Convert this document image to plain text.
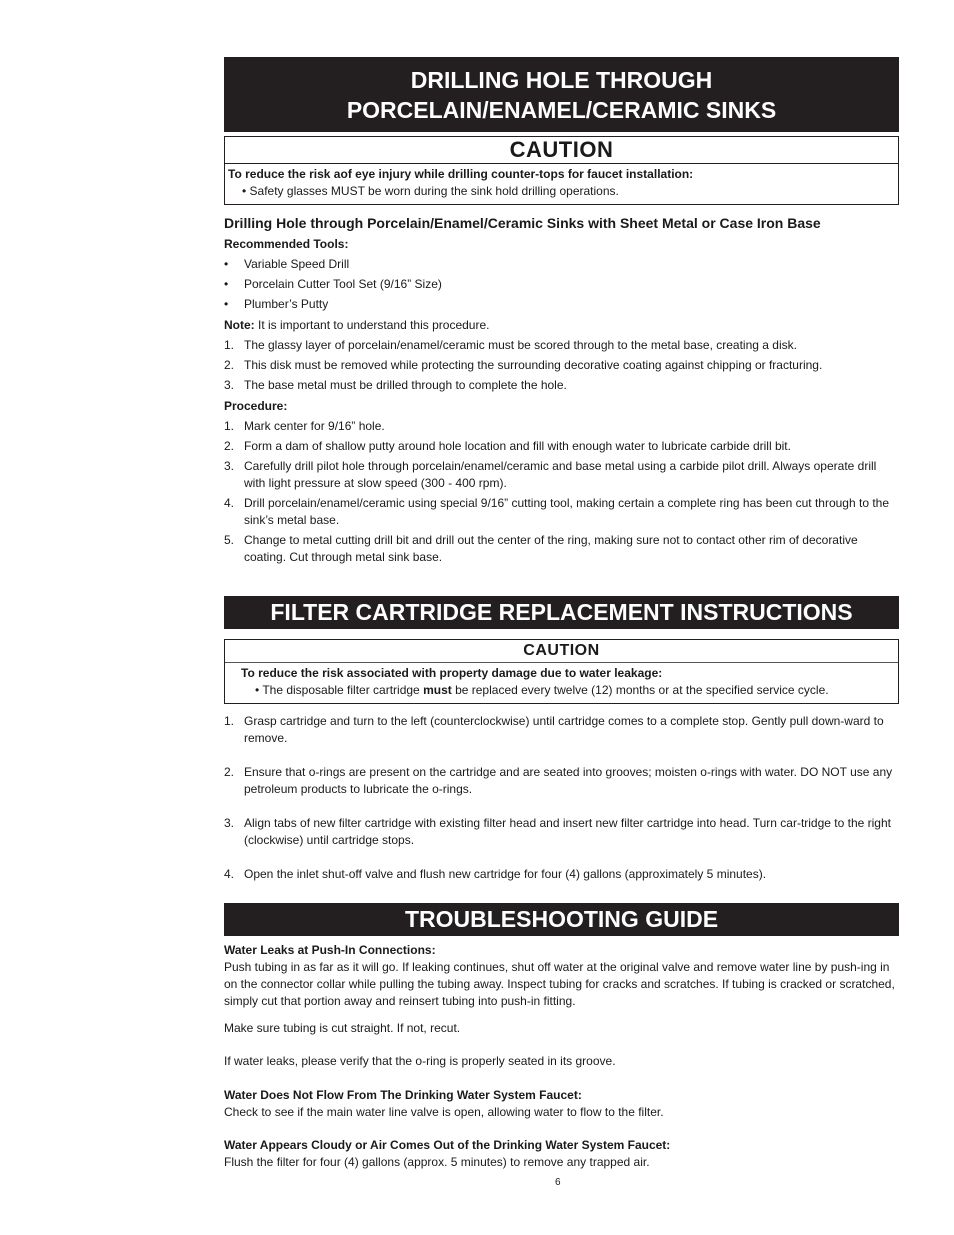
DRILLING HOLE THROUGH
PORCELAIN/ENAMEL/CERAMIC SINKS
CAUTION
To reduce the risk aof eye injury while drilling counter-tops for faucet installation:
• Safety glasses MUST be worn during the sink hold drilling operations.
Drilling Hole through Porcelain/Enamel/Ceramic Sinks with Sheet Metal or Case Iron Base
Recommended Tools:
•	Variable Speed Drill
•	Porcelain Cutter Tool Set (9/16” Size)
•	Plumber’s Putty
Note: It is important to understand this procedure.
1. The glassy layer of porcelain/enamel/ceramic must be scored through to the metal base, creating a disk.
2. This disk must be removed while protecting the surrounding decorative coating against chipping or fracturing.
3. The base metal must be drilled through to complete the hole.
Procedure:
1. Mark center for 9/16” hole.
2. Form a dam of shallow putty around hole location and fill with enough water to lubricate carbide drill bit.
3. Carefully drill pilot hole through porcelain/enamel/ceramic and base metal using a carbide pilot drill. Always operate drill with light pressure at slow speed (300 - 400 rpm).
4. Drill porcelain/enamel/ceramic using special 9/16” cutting tool, making certain a complete ring has been cut through to the sink’s metal base.
5. Change to metal cutting drill bit and drill out the center of the ring, making sure not to contact other rim of decorative coating. Cut through metal sink base.
FILTER CARTRIDGE REPLACEMENT INSTRUCTIONS
CAUTION
To reduce the risk associated with property damage due to water leakage:
• The disposable filter cartridge must be replaced every twelve (12) months or at the specified service cycle.
1. Grasp cartridge and turn to the left (counterclockwise) until cartridge comes to a complete stop. Gently pull down-ward to remove.
2. Ensure that o-rings are present on the cartridge and are seated into grooves; moisten o-rings with water. DO NOT use any petroleum products to lubricate the o-rings.
3. Align tabs of new filter cartridge with existing filter head and insert new filter cartridge into head. Turn car-tridge to the right (clockwise) until cartridge stops.
4. Open the inlet shut-off valve and flush new cartridge for four (4) gallons (approximately 5 minutes).
TROUBLESHOOTING GUIDE
Water Leaks at Push-In Connections:
Push tubing in as far as it will go. If leaking continues, shut off water at the original valve and remove water line by push-ing in on the connector collar while pulling the tubing away. Inspect tubing for cracks and scratches. If tubing is cracked or scratched, simply cut that portion away and reinsert tubing into push-in fitting.
Make sure tubing is cut straight. If not, recut.
If water leaks, please verify that the o-ring is properly seated in its groove.
Water Does Not Flow From The Drinking Water System Faucet:
Check to see if the main water line valve is open, allowing water to flow to the filter.
Water Appears Cloudy or Air Comes Out of the Drinking Water System Faucet:
Flush the filter for four (4) gallons (approx. 5 minutes) to remove any trapped air.
6
